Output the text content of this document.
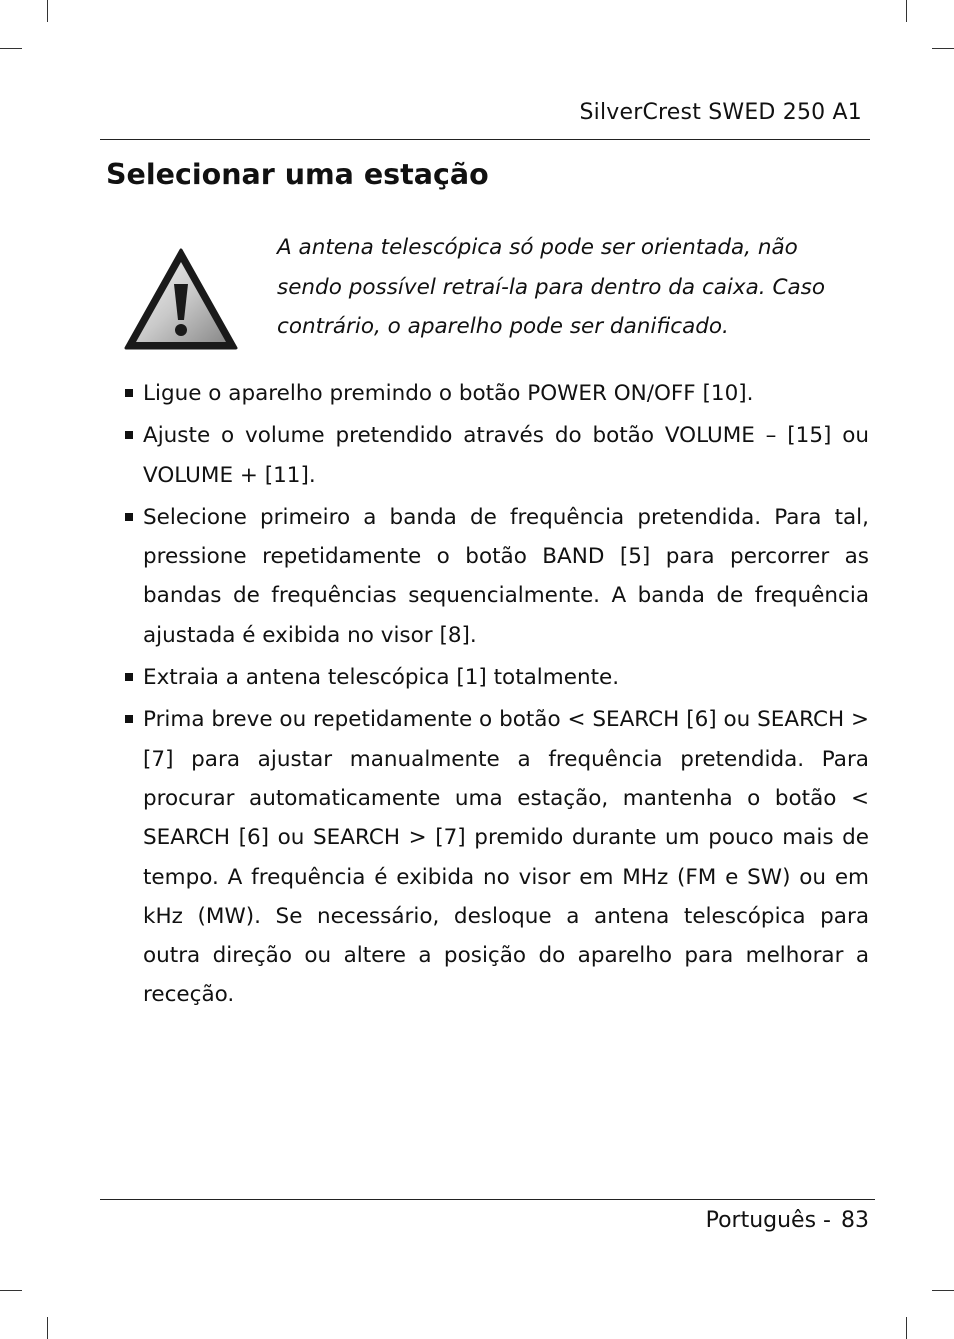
SilverCrest SWED 250 A1
Selecionar uma estação

A antena telescópica só pode ser orientada, não sendo possível retraí-la para dentro da caixa. Caso contrário, o aparelho pode ser danificado.

Ligue o aparelho premindo o botão POWER ON/OFF [10].
Ajuste o volume pretendido através do botão VOLUME – [15] ou VOLUME + [11].
Selecione primeiro a banda de frequência pretendida. Para tal, pressione repetidamente o botão BAND [5] para percorrer as bandas de frequências sequencialmente. A banda de frequência ajustada é exibida no visor [8].
Extraia a antena telescópica [1] totalmente.
Prima breve ou repetidamente o botão < SEARCH [6] ou SEARCH > [7] para ajustar manualmente a frequência pretendida. Para procurar automaticamente uma estação, mantenha o botão < SEARCH [6] ou SEARCH > [7] premido durante um pouco mais de tempo. A frequência é exibida no visor em MHz (FM e SW) ou em kHz (MW). Se necessário, desloque a antena telescópica para outra direção ou altere a posição do aparelho para melhorar a receção.
Português - 83
